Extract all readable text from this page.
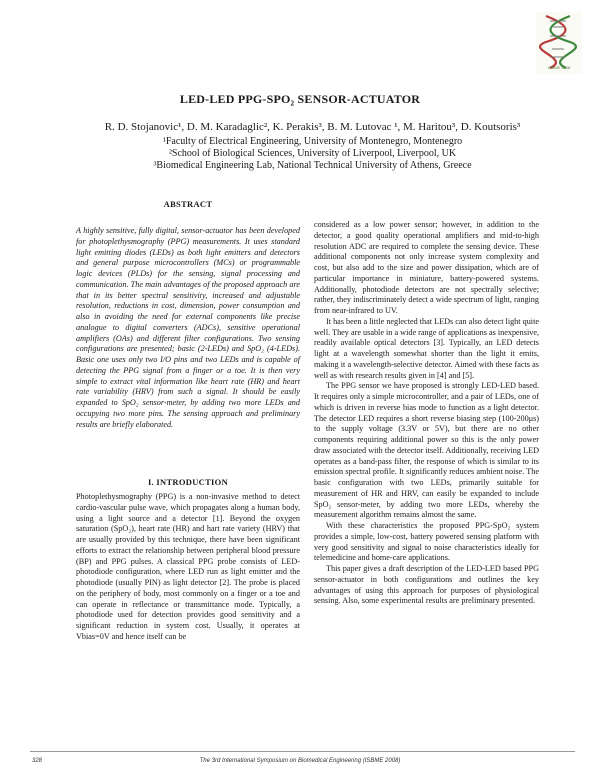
ISBME 2008
LED-LED PPG-SPO₂ SENSOR-ACTUATOR
R. D. Stojanovic¹, D. M. Karadaglic², K. Perakis³, B. M. Lutovac ¹, M. Haritou³, D. Koutsoris³
¹Faculty of Electrical Engineering, University of Montenegro, Montenegro
²School of Biological Sciences, University of Liverpool, Liverpool, UK
³Biomedical Engineering Lab, National Technical University of Athens, Greece
ABSTRACT

A highly sensitive, fully digital, sensor-actuator has been developed for photoplethysmography (PPG) measurements. It uses standard light emitting diodes (LEDs) as both light emitters and detectors and general purpose microcontrollers (MCs) or programmable logic devices (PLDs) for the sensing, signal processing and communication. The main advantages of the proposed approach are that in its better spectral sensitivity, increased and adjustable resolution, reductions in cost, dimension, power consumption and also in avoiding the need for external components like precise analogue to digital converters (ADCs), sensitive operational amplifiers (OAs) and different filter configurations. Two sensing configurations are presented; basic (2-LEDs) and SpO₂ (4-LEDs). Basic one uses only two I/O pins and two LEDs and is capable of detecting the PPG signal from a finger or a toe. It is then very simple to extract vital information like heart rate (HR) and heart rate variability (HRV) from such a signal. It should be easily expanded to SpO₂ sensor-meter, by adding two more LEDs and occupying two more pins. The sensing approach and preliminary results are briefly elaborated.

I. INTRODUCTION

Photoplethysmography (PPG) is a non-invasive method to detect cardio-vascular pulse wave, which propagates along a human body, using a light source and a detector [1]. Beyond the oxygen saturation (SpO₂), heart rate (HR) and hart rate variety (HRV) that are usually provided by this technique, there have been significant efforts to extract the relationship between peripheral blood pressure (BP) and PPG pulses. A classical PPG probe consists of LED-photodiode configuration, where LED run as light emitter and the photodiode (usually PIN) as light detector [2]. The probe is placed on the periphery of body, most commonly on a finger or a toe and can operate in reflectance or transmittance mode. Typically, a photodiode used for detection provides good sensitivity and a significant reduction in system cost. Usually, it operates at Vbias=0V and hence itself can be

considered as a low power sensor; however, in addition to the detector, a good quality operational amplifiers and mid-to-high resolution ADC are required to complete the sensing device. These additional components not only increase system complexity and cost, but also add to the size and power dissipation, which are of particular importance in miniature, battery-powered systems. Additionally, photodiode detectors are not spectrally selective; rather, they indiscriminately detect a wide spectrum of light, ranging from near-infrared to UV.

It has been a little neglected that LEDs can also detect light quite well. They are usable in a wide range of applications as inexpensive, readily available optical detectors [3]. Typically, an LED detects light at a wavelength somewhat shorter than the light it emits, making it a wavelength-selective detector. Aimed with these facts as well as with research results given in [4] and [5].

The PPG sensor we have proposed is strongly LED-LED based. It requires only a simple microcontroller, and a pair of LEDs, one of which is driven in reverse bias mode to function as a light detector. The detector LED requires a short reverse biasing step (100-200μs) to the supply voltage (3.3V or 5V), but there are no other components requiring additional power so this is the only power draw associated with the detector itself. Additionally, receiving LED operates as a band-pass filter, the response of which is similar to its emission spectral profile. It significantly reduces ambient noise. The basic configuration with two LEDs, primarily suitable for measurement of HR and HRV, can easily be expanded to include SpO₂ sensor-meter, by adding two more LEDs, whereby the measurement algorithm remains almost the same.

With these characteristics the proposed PPG-SpO₂ system provides a simple, low-cost, battery powered sensing platform with very good sensitivity and signal to noise characteristics ideally for telemedicine and home-care applications.

This paper gives a draft description of the LED-LED based PPG sensor-actuator in both configurations and outlines the key advantages of using this approach for purposes of physiological sensing. Also, some experimental results are preliminary presented.

328	The 3rd International Symposium on Biomedical Engineering (ISBME 2008)
